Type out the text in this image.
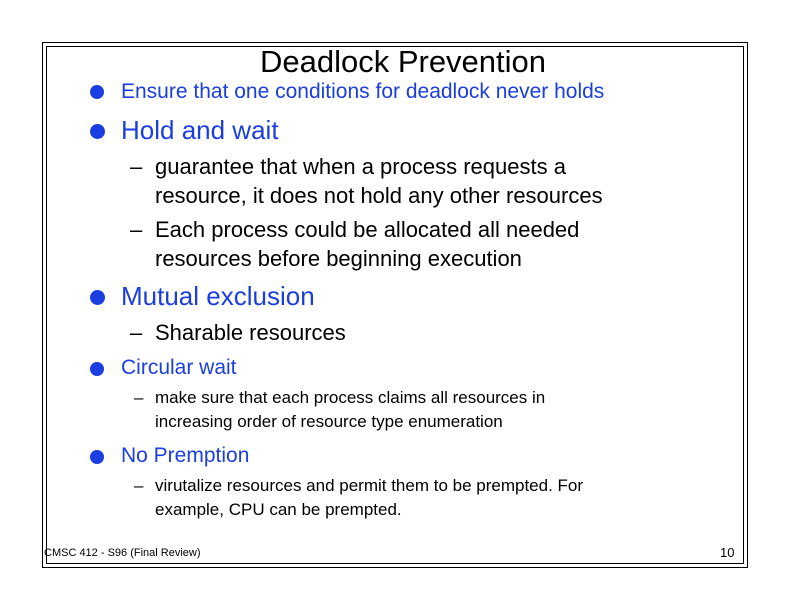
Deadlock Prevention
Ensure that one conditions for deadlock never holds
Hold and wait
– guarantee that when a process requests a
resource, it does not hold any other resources
– Each process could be allocated all needed
resources before beginning execution
Mutual exclusion
– Sharable resources
Circular wait
– make sure that each process claims all resources in
increasing order of resource type enumeration
No Premption
– virutalize resources and permit them to be prempted. For
example, CPU can be prempted.
CMSC 412 - S96 (Final Review)	10
